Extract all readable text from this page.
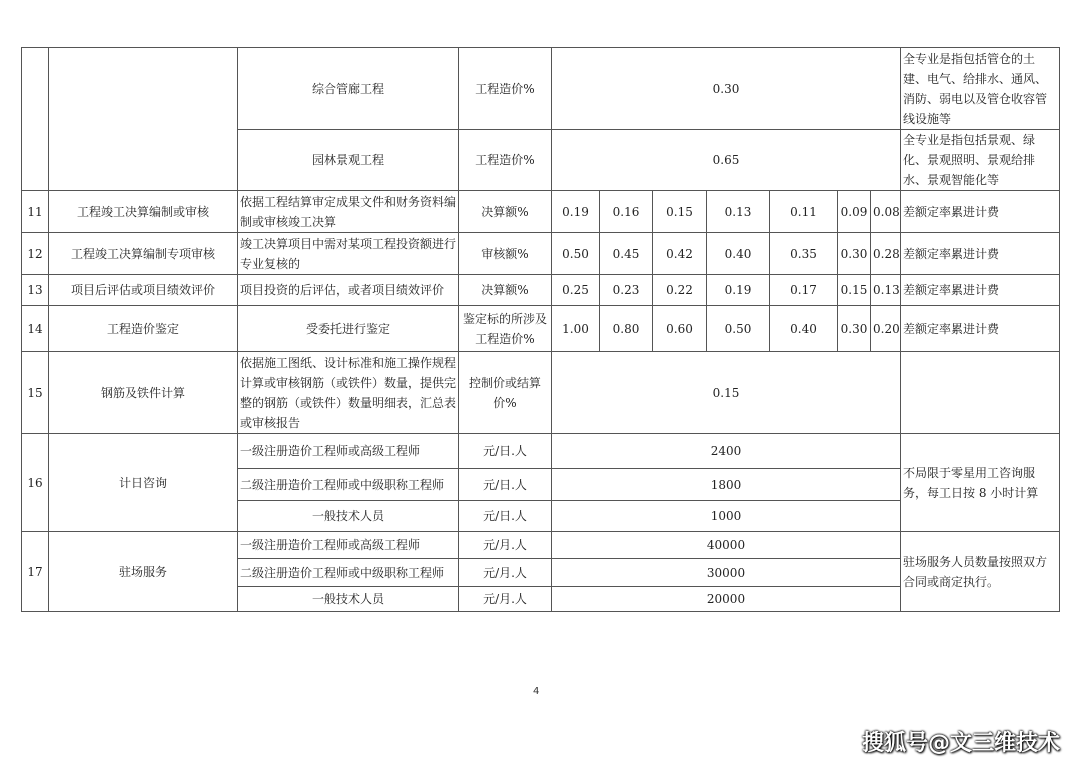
		综合管廊工程	工程造价%	0.30							全专业是指包括管仓的土建、电气、给排水、通风、消防、弱电以及管仓收容管线设施等
		园林景观工程	工程造价%	0.65							全专业是指包括景观、绿化、景观照明、景观给排水、景观智能化等
11	工程竣工决算编制或审核	依据工程结算审定成果文件和财务资料编制或审核竣工决算	决算额%	0.19	0.16	0.15	0.13	0.11	0.09	0.08	差额定率累进计费
12	工程竣工决算编制专项审核	竣工决算项目中需对某项工程投资额进行专业复核的	审核额%	0.50	0.45	0.42	0.40	0.35	0.30	0.28	差额定率累进计费
13	项目后评估或项目绩效评价	项目投资的后评估，或者项目绩效评价	决算额%	0.25	0.23	0.22	0.19	0.17	0.15	0.13	差额定率累进计费
14	工程造价鉴定	受委托进行鉴定	鉴定标的所涉及工程造价%	1.00	0.80	0.60	0.50	0.40	0.30	0.20	差额定率累进计费
15	钢筋及铁件计算	依据施工图纸、设计标准和施工操作规程计算或审核钢筋（或铁件）数量，提供完整的钢筋（或铁件）数量明细表，汇总表或审核报告	控制价或结算价%	0.15							
16	计日咨询	一级注册造价工程师或高级工程师	元/日.人	2400							不局限于零星用工咨询服务，每工日按 8 小时计算
		二级注册造价工程师或中级职称工程师	元/日.人	1800							
		一般技术人员	元/日.人	1000							
17	驻场服务	一级注册造价工程师或高级工程师	元/月.人	40000							驻场服务人员数量按照双方合同或商定执行。
		二级注册造价工程师或中级职称工程师	元/月.人	30000							
		一般技术人员	元/月.人	20000							
4
搜狐号@文三维技术
